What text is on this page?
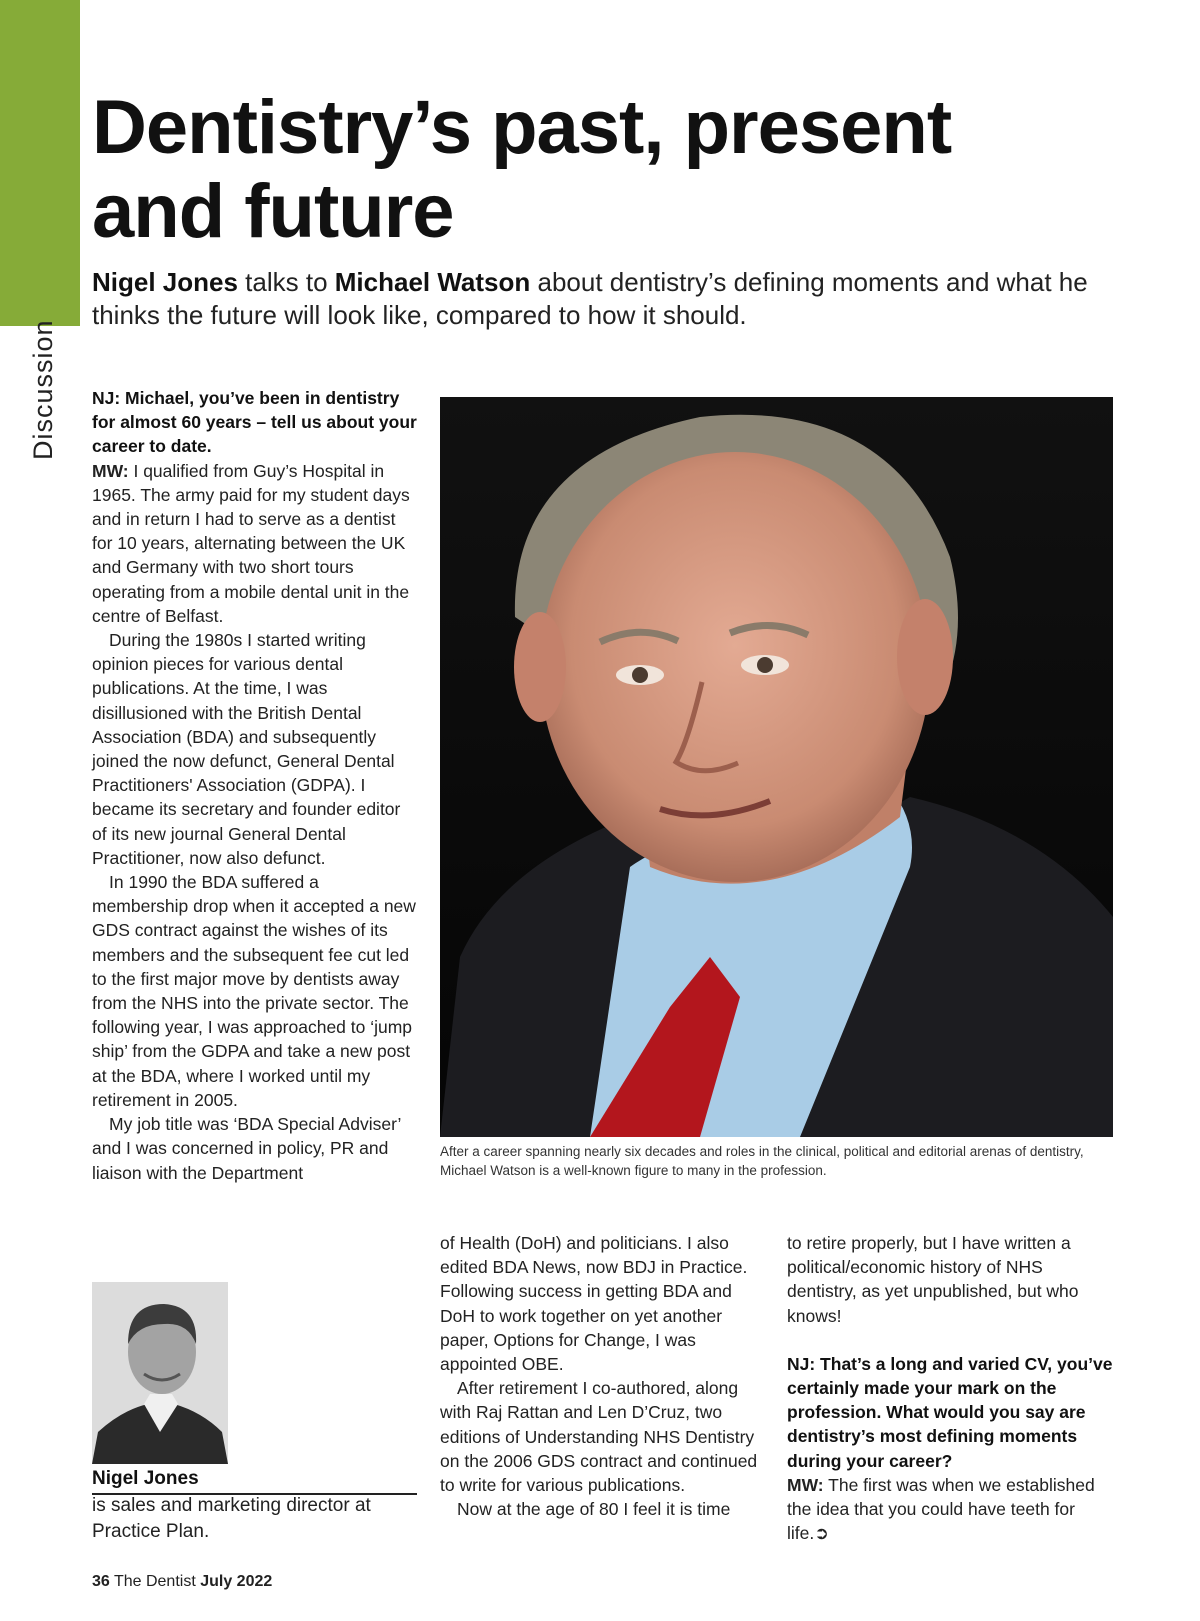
Discussion
Dentistry’s past, present and future

Nigel Jones talks to Michael Watson about dentistry’s defining moments and what he thinks the future will look like, compared to how it should.

NJ: Michael, you’ve been in dentistry for almost 60 years – tell us about your career to date.

MW: I qualified from Guy’s Hospital in 1965. The army paid for my student days and in return I had to serve as a dentist for 10 years, alternating between the UK and Germany with two short tours operating from a mobile dental unit in the centre of Belfast.

During the 1980s I started writing opinion pieces for various dental publications. At the time, I was disillusioned with the British Dental Association (BDA) and subsequently joined the now defunct, General Dental Practitioners' Association (GDPA). I became its secretary and founder editor of its new journal General Dental Practitioner, now also defunct.

In 1990 the BDA suffered a membership drop when it accepted a new GDS contract against the wishes of its members and the subsequent fee cut led to the first major move by dentists away from the NHS into the private sector. The following year, I was approached to ‘jump ship’ from the GDPA and take a new post at the BDA, where I worked until my retirement in 2005.

My job title was ‘BDA Special Adviser’ and I was concerned in policy, PR and liaison with the Department

After a career spanning nearly six decades and roles in the clinical, political and editorial arenas of dentistry, Michael Watson is a well-known figure to many in the profession.

of Health (DoH) and politicians. I also edited BDA News, now BDJ in Practice. Following success in getting BDA and DoH to work together on yet another paper, Options for Change, I was appointed OBE.

After retirement I co-authored, along with Raj Rattan and Len D’Cruz, two editions of Understanding NHS Dentistry on the 2006 GDS contract and continued to write for various publications.

Now at the age of 80 I feel it is time

to retire properly, but I have written a political/economic history of NHS dentistry, as yet unpublished, but who knows!

NJ: That’s a long and varied CV, you’ve certainly made your mark on the profession. What would you say are dentistry’s most defining moments during your career?

MW: The first was when we established the idea that you could have teeth for life.➲

Nigel Jones
is sales and marketing director at Practice Plan.
36 The Dentist July 2022
